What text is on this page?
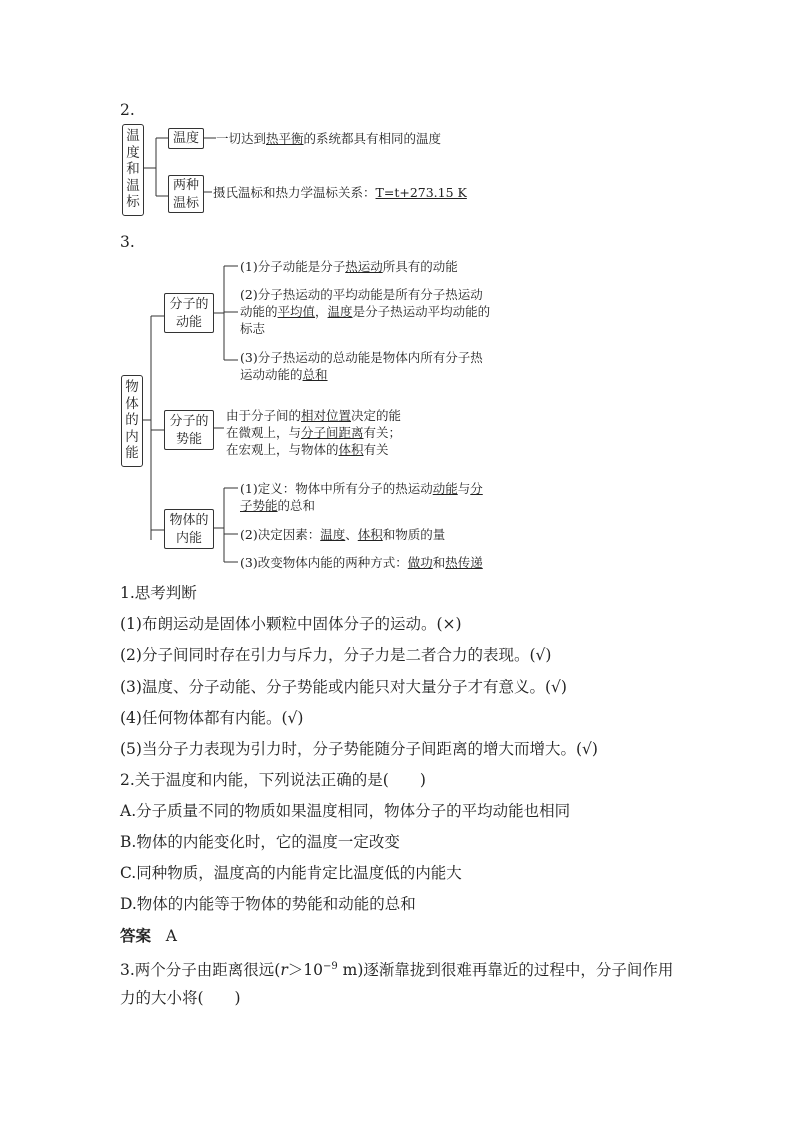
2.
温
度
和
温
标
温度	一切达到热平衡的系统都具有相同的温度
两种
温标
摄氏温标和热力学温标关系：T=t+273.15 K
3.
物
体
的
内
能
分子的
动能
(1)分子动能是分子热运动所具有的动能
(2)分子热运动的平均动能是所有分子热运动
动能的平均值，温度是分子热运动平均动能的
标志
(3)分子热运动的总动能是物体内所有分子热
运动动能的总和
分子的
势能
由于分子间的相对位置决定的能
在微观上，与分子间距离有关；
在宏观上，与物体的体积有关
物体的
内能
(1)定义：物体中所有分子的热运动动能与分
子势能的总和
(2)决定因素：温度、体积和物质的量
(3)改变物体内能的两种方式：做功和热传递
1.思考判断
(1)布朗运动是固体小颗粒中固体分子的运动。(×)
(2)分子间同时存在引力与斥力，分子力是二者合力的表现。(√)
(3)温度、分子动能、分子势能或内能只对大量分子才有意义。(√)
(4)任何物体都有内能。(√)
(5)当分子力表现为引力时，分子势能随分子间距离的增大而增大。(√)
2.关于温度和内能，下列说法正确的是(　　)
A.分子质量不同的物质如果温度相同，物体分子的平均动能也相同
B.物体的内能变化时，它的温度一定改变
C.同种物质，温度高的内能肯定比温度低的内能大
D.物体的内能等于物体的势能和动能的总和
答案 A
3.两个分子由距离很远($r>10^{-9}$ m)逐渐靠拢到很难再靠近的过程中，分子间作用
力的大小将(　　)
